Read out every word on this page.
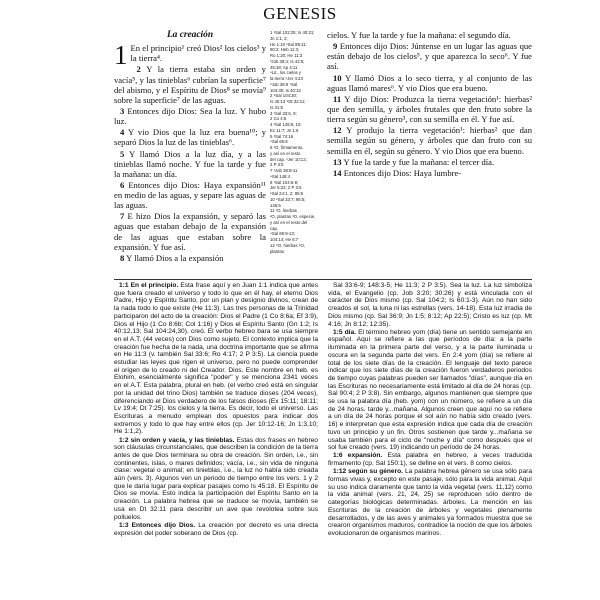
GENESIS
La creación

1 En el principio¹ creó Dios² los cielos³ y la tierra⁴.

2 Y la tierra estaba sin orden y vacía⁵, y las tinieblas⁶ cubrían la superficie⁷ del abismo, y el Espíritu de Dios⁸ se movía⁹ sobre la superficie⁷ de las aguas.

3 Entonces dijo Dios: Sea la luz. Y hubo luz.

4 Y vio Dios que la luz era buena¹⁰; y separó Dios la luz de las tinieblas⁶.

5 Y llamó Dios a la luz día, y a las tinieblas llamó noche. Y fue la tarde y fue la mañana: un día.

6 Entonces dijo Dios: Haya expansión¹¹ en medio de las aguas, y separe las aguas de las aguas.

7 E hizo Dios la expansión, y separó las aguas que estaban debajo de la expansión de las aguas que estaban sobre la expansión. Y fue así.

8 Y llamó Dios a la expansión

1 ¹Sal 102:25; Is 40:21; Jn 1:1, 2;
He 1:10 ²Sal 89:11;
90:2; Heb 11:3;
Ro 1:20; He 11:3
³Job 38:4; Is 42:5;
45:18; Ap 4:11
⁴Lit., los cielos y
la tierra ⁵Jer 4:23
⁶Job 38:9 ⁷Sal
104:30; Is 40:13
2 ⁸Sal 104:30;
Is 40:13 ⁹Dt 32:11;
Is 31:5
3 ¹Sal 33:6, 9;
2 Co 4:6
4 ²Sal 145:9, 10;
Ec 11:7; Jn 1:5
5 ³Sal 74:16
⁴Sal 65:8
6 ¹O, firmamento,
y así en el resto
del cap. ²Jer 10:12;
2 P 3:5
7 ³Job 38:8-11
⁴Sal 148:4
8 ¹Sal 104:6-9;
Jer 5:22; 2 P 3:5
⁵Sal 24:1, 2; 95:5
10 ⁶Sal 33:7; 95:5;
146:6
11 ¹O, hierbas
²O, plantas ³O, especie,
y así en el resto del
cap.
⁴Sal 65:9-13;
104:14; He 6:7
12 ⁵O, hierbas ⁶O,
plantas

cielos. Y fue la tarde y fue la mañana: el segundo día.

9 Entonces dijo Dios: Júntense en un lugar las aguas que están debajo de los cielos⁵, y que aparezca lo seco⁶. Y fue así.

10 Y llamó Dios a lo seco tierra, y al conjunto de las aguas llamó mares⁶. Y vio Dios que era bueno.

11 Y dijo Dios: Produzca la tierra vegetación¹: hierbas² que den semilla, y árboles frutales que den fruto sobre la tierra según su género³, con su semilla en él. Y fue así.

12 Y produjo la tierra vegetación¹: hierbas² que dan semilla según su género, y árboles que dan fruto con su semilla en él, según su género. Y vio Dios que era bueno.

13 Y fue la tarde y fue la mañana: el tercer día.

14 Entonces dijo Dios: Haya lumbre-

1:1 En el principio. Esta frase aquí y en Juan 1:1 indica que antes que fuera creado el universo y todo lo que en él hay, el eterno Dios Padre, Hijo y Espíritu Santo, por un plan y designio divinos, crean de la nada todo lo que existe (He 11:3). Las tres personas de la Trinidad participaron del acto de la creación: Dios el Padre (1 Co 8:6a; Ef 3:9), Dios el Hijo (1 Co 8:6b; Col 1:16) y Dios el Espíritu Santo (Gn 1:2; Is 40:12,13; Sal 104:24,30). creó. El verbo hebreo bara se usa siempre en el A.T. (44 veces) con Dios como sujeto. El contexto implica que la creación fue hecha de la nada, una doctrina importante que se afirma en He 11:3 (v. también Sal 33:6; Ro 4:17; 2 P 3:5). La ciencia puede estudiar las leyes que rigen el universo, pero no puede comprender el origen de lo creado ni del Creador. Dios. Este nombre en heb. es Elohim, esencialmente significa "poder" y se menciona 2341 veces en el A.T. Esta palabra, plural en heb. (el verbo creó está en singular por la unidad del trino Dios) también se traduce dioses (204 veces), diferenciando el Dios verdadero de los falsos dioses (Ex 15:11; 18:11; Lv 19:4; Dt 7:25). los cielos y la tierra. Es decir, todo el universo. Las Escrituras a menudo emplean dos opuestos para indicar dos extremos y todo lo que hay entre ellos (cp. Jer 10:12-16; Jn 1:3,10; He 1:1,2).

1:2 sin orden y vacía, y las tinieblas. Estas dos frases en hebreo son cláusulas circunstanciales, que describen la condición de la tierra antes de que Dios terminara su obra de creación. Sin orden, i.e., sin continentes, islas, o mares definidos; vacía, i.e., sin vida de ninguna clase: vegetal o animal; en tinieblas, i.e., la luz no había sido creada aún (vers. 3). Algunos ven un periodo de tiempo entre los vers. 1 y 2 que le daría lugar para explicar pasajes como Is 45:18. El Espíritu de Dios se movía. Esto indica la participación del Espíritu Santo en la creación. La palabra hebrea que se traduce se movía, también se usa en Dt 32:11 para describir un ave que revolotea sobre sus polluelos.

1:3 Entonces dijo Dios. La creación por decreto es una directa expresión del poder soberano de Dios (cp.

Sal 33:6-9; 148:3-5; He 11:3; 2 P 3:5). Sea la luz. La luz simboliza vida, el Evangelio (cp. Job 3:20; 30:26) y está vinculada con el carácter de Dios mismo (cp. Sal 104:2; Is 60:1-3). Aún no han sido creados el sol, la luna ni las estrellas (vers. 14-18). Esta luz irradia de Dios mismo (cp. Sal 36:9; Jn 1:5; 8:12; Ap 22:5); Cristo es luz (cp. Mt 4:16; Jn 8:12; 12:35).

1:5 día. El término hebreo yom (día) tiene un sentido semejante en español. Aquí se refiere a las que períodos de día: a la parte iluminada en la primera parte del verso, y a la parte iluminada u oscura en la segunda parte del vers. En 2:4 yom (día) se refiere al total de los siete días de la creación. El lenguaje del texto parece indicar que los siete días de la creación fueron verdaderos periodos de tiempo cuyas palabras pueden ser llamados "días", aunque día en las Escrituras no necesariamente está limitado al día de 24 horas (cp. Sal 90:4; 2 P 3:8). Sin embargo, algunos mantienen que siempre que se usa la palabra día (heb. yom) con un número, se refiere a un día de 24 horas. tarde y...mañana. Algunos creen que aquí no se refiere a un día de 24 horas porque el sol aún no había sido creado (vers. 16) e interpretan que esta expresión indica que cada día de creación tuvo un principio y un fin. Otros sostienen que tarde y...mañana se usaba también para el ciclo de "noche y día" como después que el sol fue creado (vers. 19) indicando un período de 24 horas.

1:6 expansión. Esta palabra en hebreo, a veces traducida firmamento (cp. Sal 150:1), se define en el vers. 8 como cielos.

1:12 según su género. La palabra hebrea género se usa sólo para formas vivas y, excepto en este pasaje, sólo para la vida animal. Aquí su uso indica claramente que tanto la vida vegetal (vers. 11,12) como la vida animal (vers. 21, 24, 25) se reproducen sólo dentro de categorías biológicas determinadas. árboles. La mención en las Escrituras de la creación de árboles y vegetales plenamente desarrollados, y de las aves y animales ya formados muestra que se crearon organismos maduros, contradice la noción de que los árboles evolucionaron de organismos marinos.
